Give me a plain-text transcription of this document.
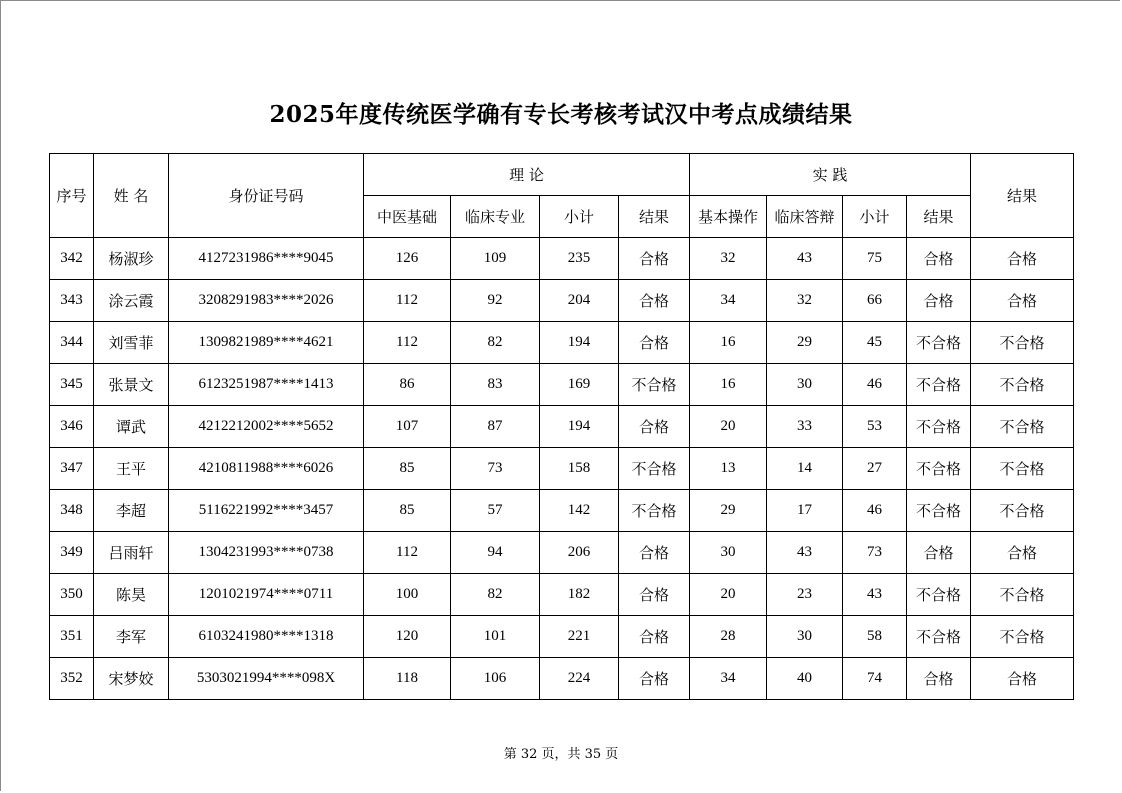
2025年度传统医学确有专长考核考试汉中考点成绩结果
序号	姓 名	身份证号码	理 论				实 践				结果
			中医基础	临床专业	小计	结果	基本操作	临床答辩	小计	结果	
342	杨淑珍	4127231986****9045	126	109	235	合格	32	43	75	合格	合格
343	涂云霞	3208291983****2026	112	92	204	合格	34	32	66	合格	合格
344	刘雪菲	1309821989****4621	112	82	194	合格	16	29	45	不合格	不合格
345	张景文	6123251987****1413	86	83	169	不合格	16	30	46	不合格	不合格
346	谭武	4212212002****5652	107	87	194	合格	20	33	53	不合格	不合格
347	王平	4210811988****6026	85	73	158	不合格	13	14	27	不合格	不合格
348	李超	5116221992****3457	85	57	142	不合格	29	17	46	不合格	不合格
349	吕雨轩	1304231993****0738	112	94	206	合格	30	43	73	合格	合格
350	陈昊	1201021974****0711	100	82	182	合格	20	23	43	不合格	不合格
351	李军	6103241980****1318	120	101	221	合格	28	30	58	不合格	不合格
352	宋梦姣	5303021994****098X	118	106	224	合格	34	40	74	合格	合格
第 32 页，共 35 页
